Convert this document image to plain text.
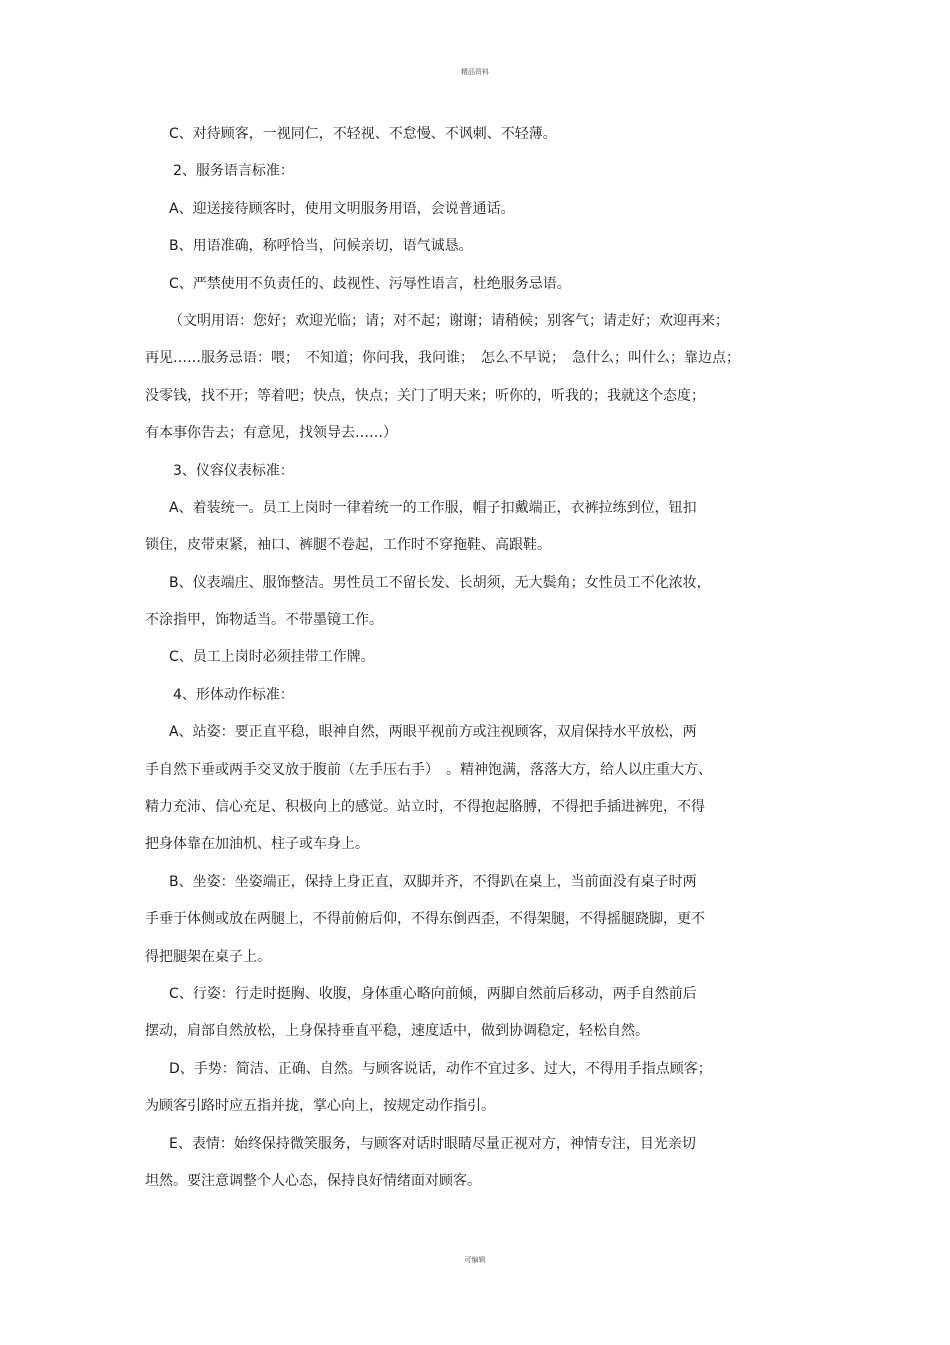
精品资料

C、对待顾客，一视同仁，不轻视、不怠慢、不讽刺、不轻薄。

2、服务语言标准：

A、迎送接待顾客时，使用文明服务用语，会说普通话。

B、用语准确，称呼恰当，问候亲切，语气诚恳。

C、严禁使用不负责任的、歧视性、污辱性语言，杜绝服务忌语。

（文明用语：您好；欢迎光临；请；对不起；谢谢；请稍候；别客气；请走好；欢迎再来；

再见……服务忌语：喂；　不知道；你问我，我问谁；　怎么不早说；　急什么；叫什么；靠边点；

没零钱，找不开；等着吧；快点，快点；关门了明天来；听你的，听我的；我就这个态度；

有本事你告去；有意见，找领导去……）

3、仪容仪表标准：

A、着装统一。员工上岗时一律着统一的工作服，帽子扣戴端正，衣裤拉练到位，钮扣

锁住，皮带束紧，袖口、裤腿不卷起，工作时不穿拖鞋、高跟鞋。

B、仪表端庄、服饰整洁。男性员工不留长发、长胡须，无大鬓角；女性员工不化浓妆，

不涂指甲，饰物适当。不带墨镜工作。

C、员工上岗时必须挂带工作牌。

4、形体动作标准：

A、站姿：要正直平稳，眼神自然，两眼平视前方或注视顾客，双肩保持水平放松，两

手自然下垂或两手交叉放于腹前（左手压右手）　。精神饱满，落落大方，给人以庄重大方、

精力充沛、信心充足、积极向上的感觉。站立时，不得抱起胳膊，不得把手插进裤兜，不得

把身体靠在加油机、柱子或车身上。

B、坐姿：坐姿端正，保持上身正直，双脚并齐，不得趴在桌上，当前面没有桌子时两

手垂于体侧或放在两腿上，不得前俯后仰，不得东倒西歪，不得架腿，不得摇腿跷脚，更不

得把腿架在桌子上。

C、行姿：行走时挺胸、收腹，身体重心略向前倾，两脚自然前后移动，两手自然前后

摆动，肩部自然放松，上身保持垂直平稳，速度适中，做到协调稳定，轻松自然。

D、手势：简洁、正确、自然。与顾客说话，动作不宜过多、过大，不得用手指点顾客；

为顾客引路时应五指并拢，掌心向上，按规定动作指引。

E、表情：始终保持微笑服务，与顾客对话时眼睛尽量正视对方，神情专注，目光亲切

坦然。要注意调整个人心态，保持良好情绪面对顾客。

可编辑
